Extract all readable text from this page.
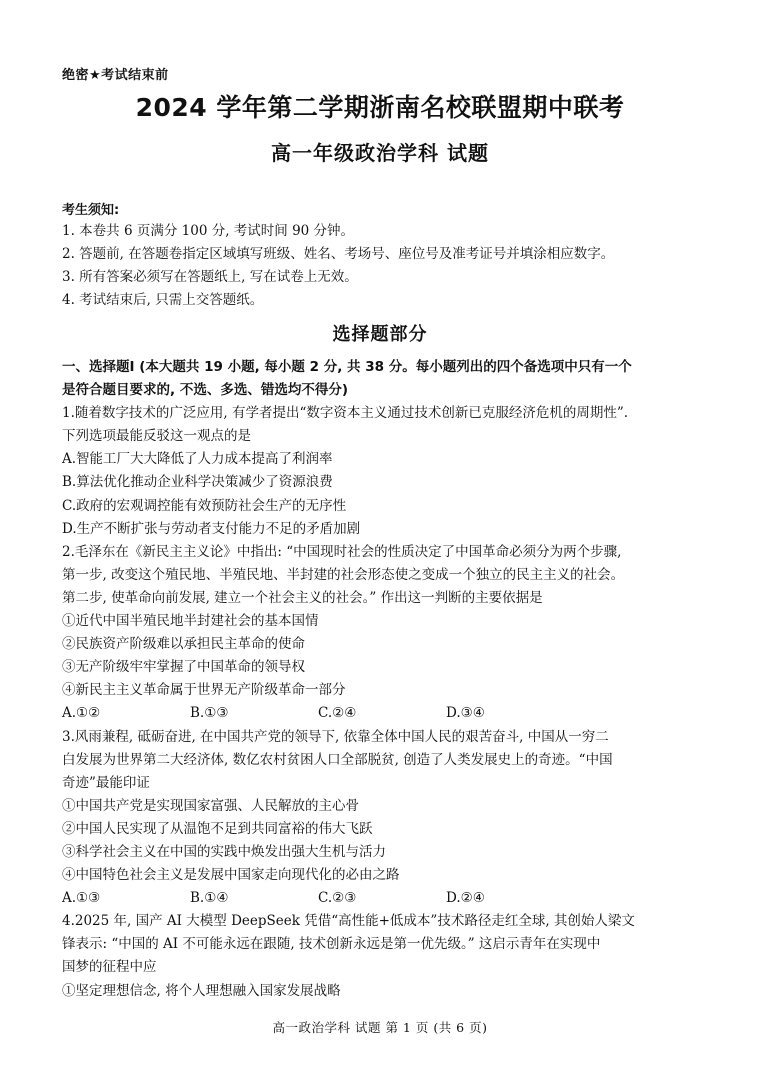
绝密★考试结束前
2024 学年第二学期浙南名校联盟期中联考
高一年级政治学科 试题
考生须知:
1. 本卷共 6 页满分 100 分, 考试时间 90 分钟。
2. 答题前, 在答题卷指定区域填写班级、姓名、考场号、座位号及准考证号并填涂相应数字。
3. 所有答案必须写在答题纸上, 写在试卷上无效。
4. 考试结束后, 只需上交答题纸。
选择题部分
一、选择题Ⅰ (本大题共 19 小题, 每小题 2 分, 共 38 分。每小题列出的四个备选项中只有一个
是符合题目要求的, 不选、多选、错选均不得分)
1.随着数字技术的广泛应用, 有学者提出“数字资本主义通过技术创新已克服经济危机的周期性”.
下列选项最能反驳这一观点的是
A.智能工厂大大降低了人力成本提高了利润率
B.算法优化推动企业科学决策减少了资源浪费
C.政府的宏观调控能有效预防社会生产的无序性
D.生产不断扩张与劳动者支付能力不足的矛盾加剧
2.毛泽东在《新民主主义论》中指出: “中国现时社会的性质决定了中国革命必须分为两个步骤,
第一步, 改变这个殖民地、半殖民地、半封建的社会形态使之变成一个独立的民主主义的社会。
第二步, 使革命向前发展, 建立一个社会主义的社会。” 作出这一判断的主要依据是
①近代中国半殖民地半封建社会的基本国情
②民族资产阶级难以承担民主革命的使命
③无产阶级牢牢掌握了中国革命的领导权
④新民主主义革命属于世界无产阶级革命一部分
A.①②	B.①③	C.②④	D.③④
3.风雨兼程, 砥砺奋进, 在中国共产党的领导下, 依靠全体中国人民的艰苦奋斗, 中国从一穷二
白发展为世界第二大经济体, 数亿农村贫困人口全部脱贫, 创造了人类发展史上的奇迹。“中国
奇迹”最能印证
①中国共产党是实现国家富强、人民解放的主心骨
②中国人民实现了从温饱不足到共同富裕的伟大飞跃
③科学社会主义在中国的实践中焕发出强大生机与活力
④中国特色社会主义是发展中国家走向现代化的必由之路
A.①③	B.①④	C.②③	D.②④
4.2025 年, 国产 AI 大模型 DeepSeek 凭借“高性能+低成本”技术路径走红全球, 其创始人梁文
锋表示: “中国的 AI 不可能永远在跟随, 技术创新永远是第一优先级。” 这启示青年在实现中
国梦的征程中应
①坚定理想信念, 将个人理想融入国家发展战略
高一政治学科 试题 第 1 页 (共 6 页)
